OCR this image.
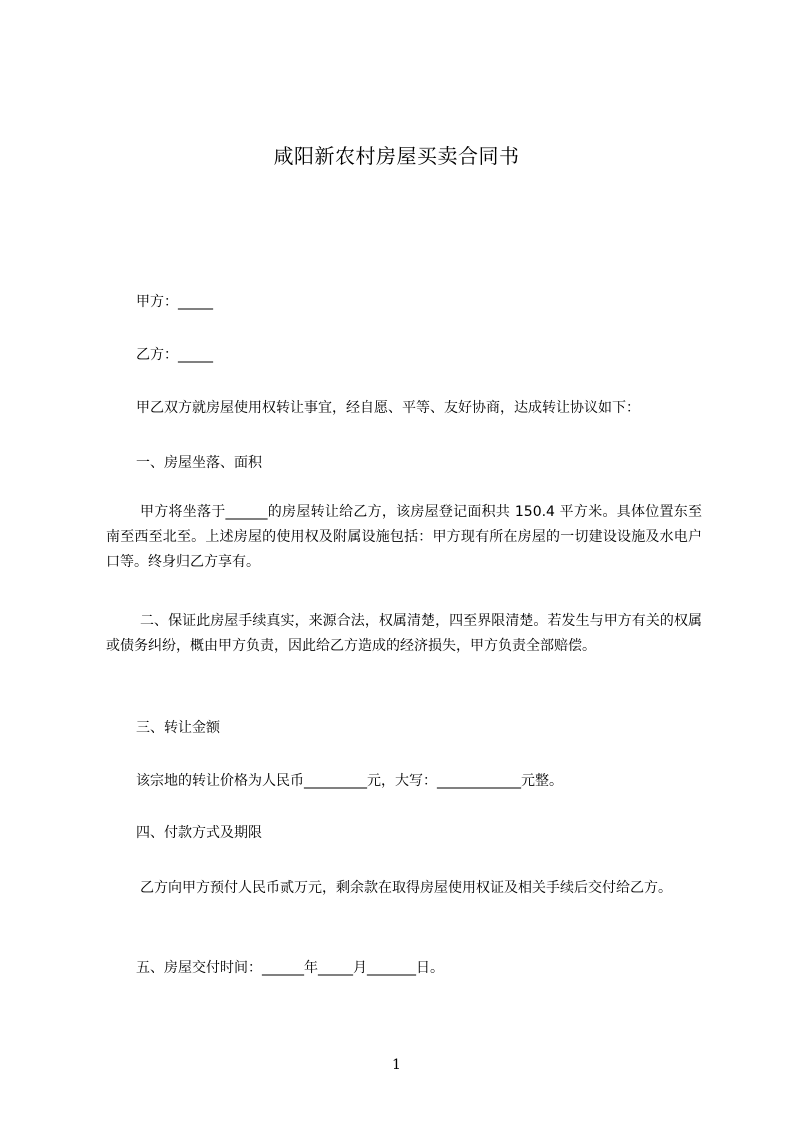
咸阳新农村房屋买卖合同书
甲方：_____
乙方：_____
甲乙双方就房屋使用权转让事宜，经自愿、平等、友好协商，达成转让协议如下：
一、房屋坐落、面积
甲方将坐落于______的房屋转让给乙方，该房屋登记面积共 150.4 平方米。具体位置东至南至西至北至。上述房屋的使用权及附属设施包括：甲方现有所在房屋的一切建设设施及水电户口等。终身归乙方享有。
二、保证此房屋手续真实，来源合法，权属清楚，四至界限清楚。若发生与甲方有关的权属或债务纠纷，概由甲方负责，因此给乙方造成的经济损失，甲方负责全部赔偿。
三、转让金额
该宗地的转让价格为人民币_________元，大写：____________元整。
四、付款方式及期限
乙方向甲方预付人民币贰万元，剩余款在取得房屋使用权证及相关手续后交付给乙方。
五、房屋交付时间：______年_____月_______日。
1
